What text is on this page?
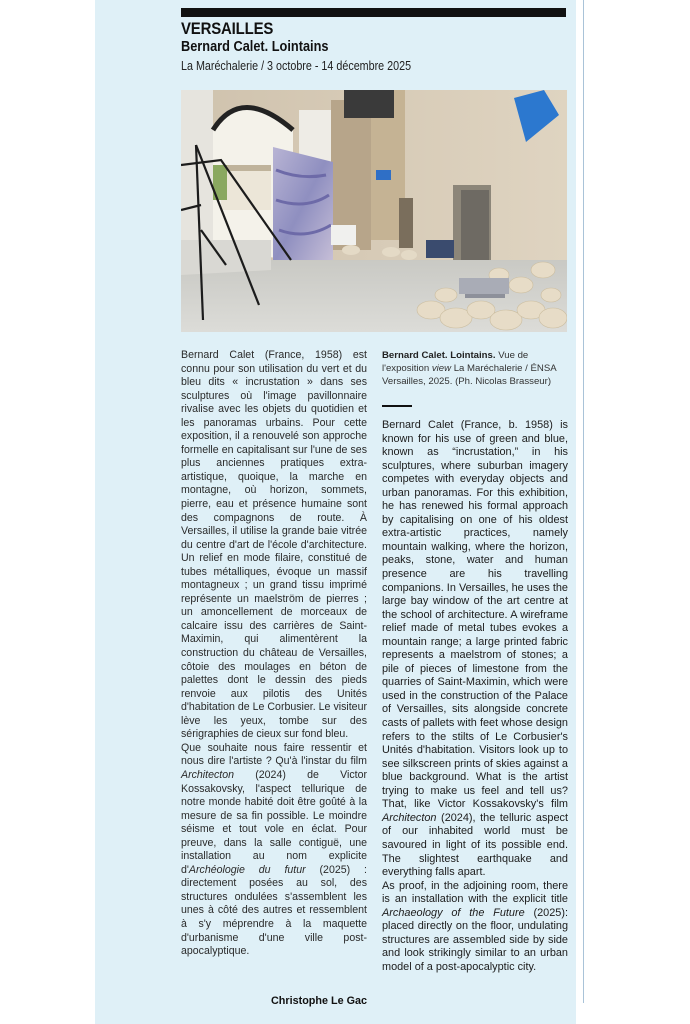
VERSAILLES
Bernard Calet. Lointains
La Maréchalerie / 3 octobre - 14 décembre 2025
Bernard Calet. Lointains. Vue de l'exposition view La Maréchalerie / ÉNSA Versailles, 2025. (Ph. Nicolas Brasseur)

Bernard Calet (France, 1958) est connu pour son utilisation du vert et du bleu dits « incrustation » dans ses sculptures où l'image pavillonnaire rivalise avec les objets du quotidien et les panoramas urbains. Pour cette exposition, il a renouvelé son approche formelle en capitalisant sur l'une de ses plus anciennes pratiques extra-artistique, quoique, la marche en montagne, où horizon, sommets, pierre, eau et présence humaine sont des compagnons de route. À Versailles, il utilise la grande baie vitrée du centre d'art de l'école d'architecture. Un relief en mode filaire, constitué de tubes métalliques, évoque un massif montagneux ; un grand tissu imprimé représente un maelström de pierres ; un amoncellement de morceaux de calcaire issu des carrières de Saint-Maximin, qui alimentèrent la construction du château de Versailles, côtoie des moulages en béton de palettes dont le dessin des pieds renvoie aux pilotis des Unités d'habitation de Le Corbusier. Le visiteur lève les yeux, tombe sur des sérigraphies de cieux sur fond bleu.

Que souhaite nous faire ressentir et nous dire l'artiste ? Qu'à l'instar du film Architecton (2024) de Victor Kossakovsky, l'aspect tellurique de notre monde habité doit être goûté à la mesure de sa fin possible. Le moindre séisme et tout vole en éclat. Pour preuve, dans la salle contiguë, une installation au nom explicite d'Archéologie du futur (2025) : directement posées au sol, des structures ondulées s'assemblent les unes à côté des autres et ressemblent à s'y méprendre à la maquette d'urbanisme d'une ville post-apocalyptique.

Christophe Le Gac

Bernard Calet (France, b. 1958) is known for his use of green and blue, known as “incrustation,” in his sculptures, where suburban imagery competes with everyday objects and urban panoramas. For this exhibition, he has renewed his formal approach by capitalising on one of his oldest extra-artistic practices, namely mountain walking, where the horizon, peaks, stone, water and human presence are his travelling companions. In Versailles, he uses the large bay window of the art centre at the school of architecture. A wireframe relief made of metal tubes evokes a mountain range; a large printed fabric represents a maelstrom of stones; a pile of pieces of limestone from the quarries of Saint-Maximin, which were used in the construction of the Palace of Versailles, sits alongside concrete casts of pallets with feet whose design refers to the stilts of Le Corbusier's Unités d'habitation. Visitors look up to see silkscreen prints of skies against a blue background. What is the artist trying to make us feel and tell us? That, like Victor Kossakovsky's film Architecton (2024), the telluric aspect of our inhabited world must be savoured in light of its possible end. The slightest earthquake and everything falls apart.

As proof, in the adjoining room, there is an installation with the explicit title Archaeology of the Future (2025): placed directly on the floor, undulating structures are assembled side by side and look strikingly similar to an urban model of a post-apocalyptic city.
